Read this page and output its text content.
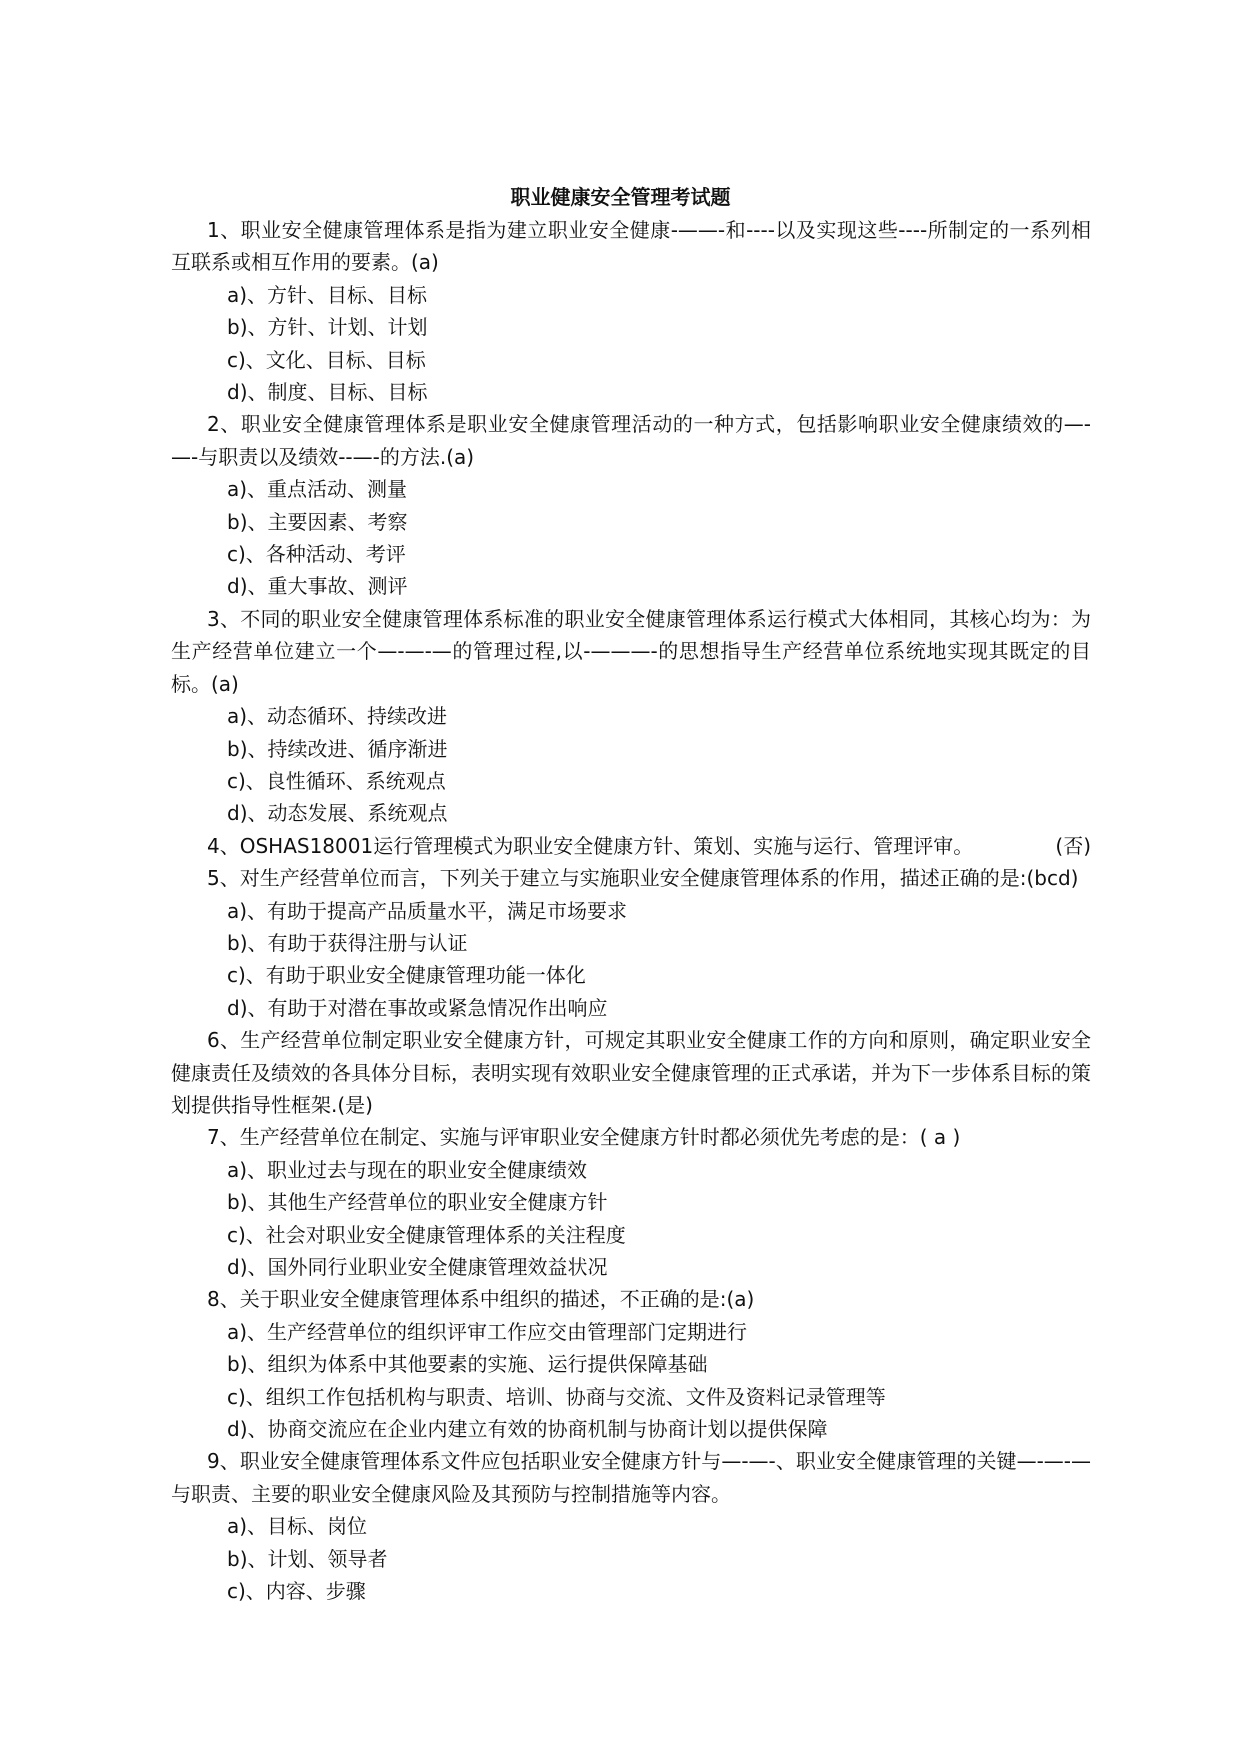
职业健康安全管理考试题

1、职业安全健康管理体系是指为建立职业安全健康-——-和----以及实现这些----所制定的一系列相互联系或相互作用的要素。(a)

a)、方针、目标、目标

b)、方针、计划、计划

c)、文化、目标、目标

d)、制度、目标、目标

2、职业安全健康管理体系是职业安全健康管理活动的一种方式，包括影响职业安全健康绩效的—-—-与职责以及绩效--—-的方法.(a)

a)、重点活动、测量

b)、主要因素、考察

c)、各种活动、考评

d)、重大事故、测评

3、不同的职业安全健康管理体系标准的职业安全健康管理体系运行模式大体相同，其核心均为：为生产经营单位建立一个—-—-—的管理过程,以-———-的思想指导生产经营单位系统地实现其既定的目标。(a)

a)、动态循环、持续改进

b)、持续改进、循序渐进

c)、良性循环、系统观点

d)、动态发展、系统观点

4、OSHAS18001运行管理模式为职业安全健康方针、策划、实施与运行、管理评审。	(否)

5、对生产经营单位而言，下列关于建立与实施职业安全健康管理体系的作用，描述正确的是:(bcd)

a)、有助于提高产品质量水平，满足市场要求

b)、有助于获得注册与认证

c)、有助于职业安全健康管理功能一体化

d)、有助于对潜在事故或紧急情况作出响应

6、生产经营单位制定职业安全健康方针，可规定其职业安全健康工作的方向和原则，确定职业安全健康责任及绩效的各具体分目标，表明实现有效职业安全健康管理的正式承诺，并为下一步体系目标的策划提供指导性框架.(是)

7、生产经营单位在制定、实施与评审职业安全健康方针时都必须优先考虑的是：( a )

a)、职业过去与现在的职业安全健康绩效

b)、其他生产经营单位的职业安全健康方针

c)、社会对职业安全健康管理体系的关注程度

d)、国外同行业职业安全健康管理效益状况

8、关于职业安全健康管理体系中组织的描述，不正确的是:(a)

a)、生产经营单位的组织评审工作应交由管理部门定期进行

b)、组织为体系中其他要素的实施、运行提供保障基础

c)、组织工作包括机构与职责、培训、协商与交流、文件及资料记录管理等

d)、协商交流应在企业内建立有效的协商机制与协商计划以提供保障

9、职业安全健康管理体系文件应包括职业安全健康方针与—-—-、职业安全健康管理的关键—-—-—与职责、主要的职业安全健康风险及其预防与控制措施等内容。

a)、目标、岗位

b)、计划、领导者

c)、内容、步骤
